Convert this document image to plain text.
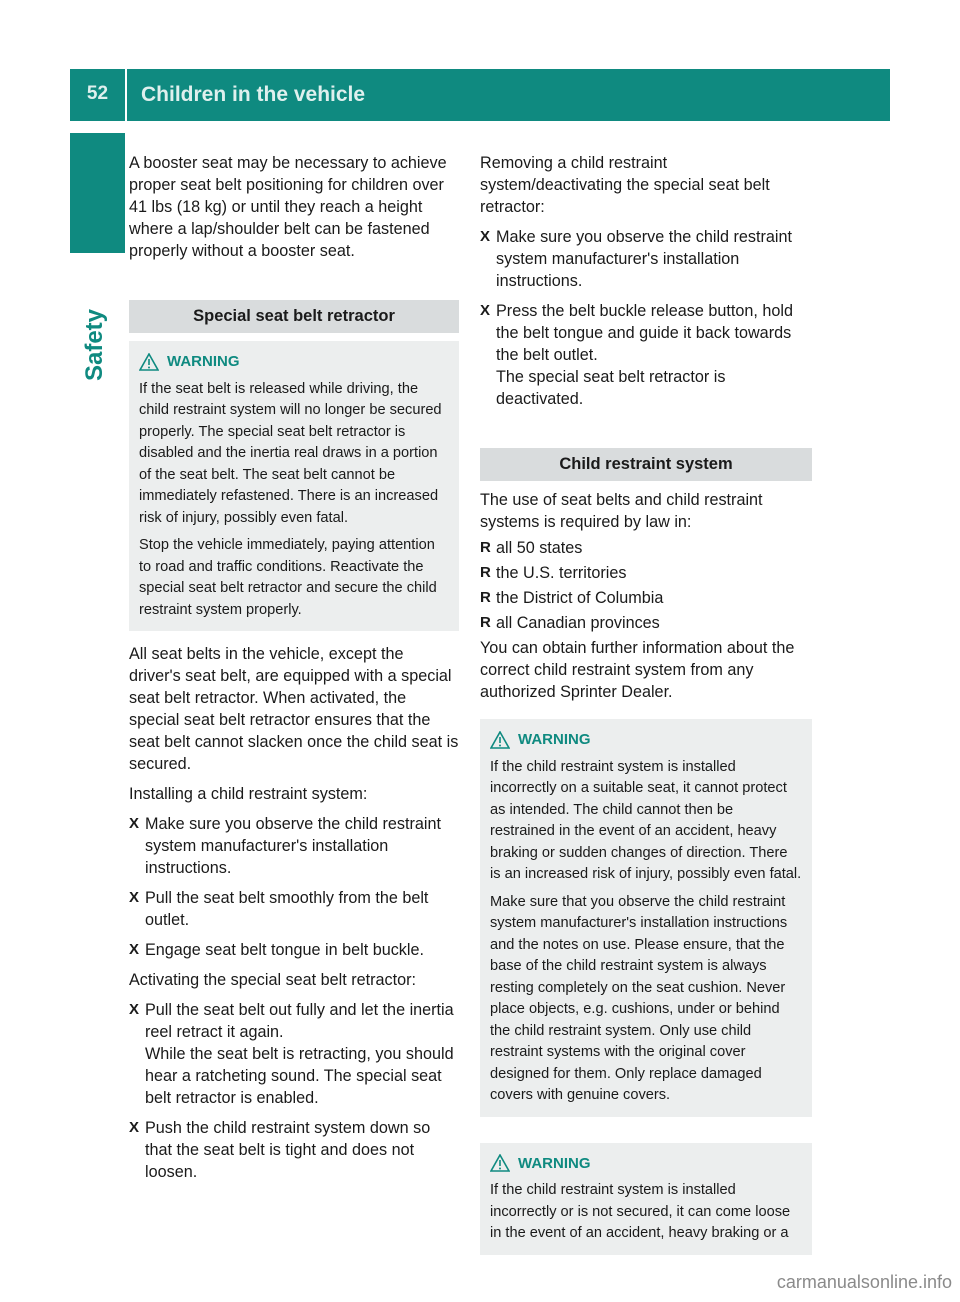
52	Children in the vehicle
Safety

A booster seat may be necessary to achieve proper seat belt positioning for children over 41 lbs (18 kg) or until they reach a height where a lap/shoulder belt can be fastened properly without a booster seat.

Special seat belt retractor
WARNING

If the seat belt is released while driving, the child restraint system will no longer be secured properly. The special seat belt retractor is disabled and the inertia real draws in a portion of the seat belt. The seat belt cannot be immediately refastened. There is an increased risk of injury, possibly even fatal.

Stop the vehicle immediately, paying attention to road and traffic conditions. Reactivate the special seat belt retractor and secure the child restraint system properly.

All seat belts in the vehicle, except the driver's seat belt, are equipped with a special seat belt retractor. When activated, the special seat belt retractor ensures that the seat belt cannot slacken once the child seat is secured.

Installing a child restraint system:

X Make sure you observe the child restraint system manufacturer's installation instructions.
X Pull the seat belt smoothly from the belt outlet.
X Engage seat belt tongue in belt buckle.

Activating the special seat belt retractor:

X Pull the seat belt out fully and let the inertia reel retract it again.
While the seat belt is retracting, you should hear a ratcheting sound. The special seat belt retractor is enabled.
X Push the child restraint system down so that the seat belt is tight and does not loosen.

Removing a child restraint system/deactivating the special seat belt retractor:

X Make sure you observe the child restraint system manufacturer's installation instructions.
X Press the belt buckle release button, hold the belt tongue and guide it back towards the belt outlet.
The special seat belt retractor is deactivated.
Child restraint system

The use of seat belts and child restraint systems is required by law in:

R all 50 states
R the U.S. territories
R the District of Columbia
R all Canadian provinces

You can obtain further information about the correct child restraint system from any authorized Sprinter Dealer.

WARNING

If the child restraint system is installed incorrectly on a suitable seat, it cannot protect as intended. The child cannot then be restrained in the event of an accident, heavy braking or sudden changes of direction. There is an increased risk of injury, possibly even fatal.

Make sure that you observe the child restraint system manufacturer's installation instructions and the notes on use. Please ensure, that the base of the child restraint system is always resting completely on the seat cushion. Never place objects, e.g. cushions, under or behind the child restraint system. Only use child restraint systems with the original cover designed for them. Only replace damaged covers with genuine covers.

WARNING

If the child restraint system is installed incorrectly or is not secured, it can come loose in the event of an accident, heavy braking or a

carmanualsonline.info
